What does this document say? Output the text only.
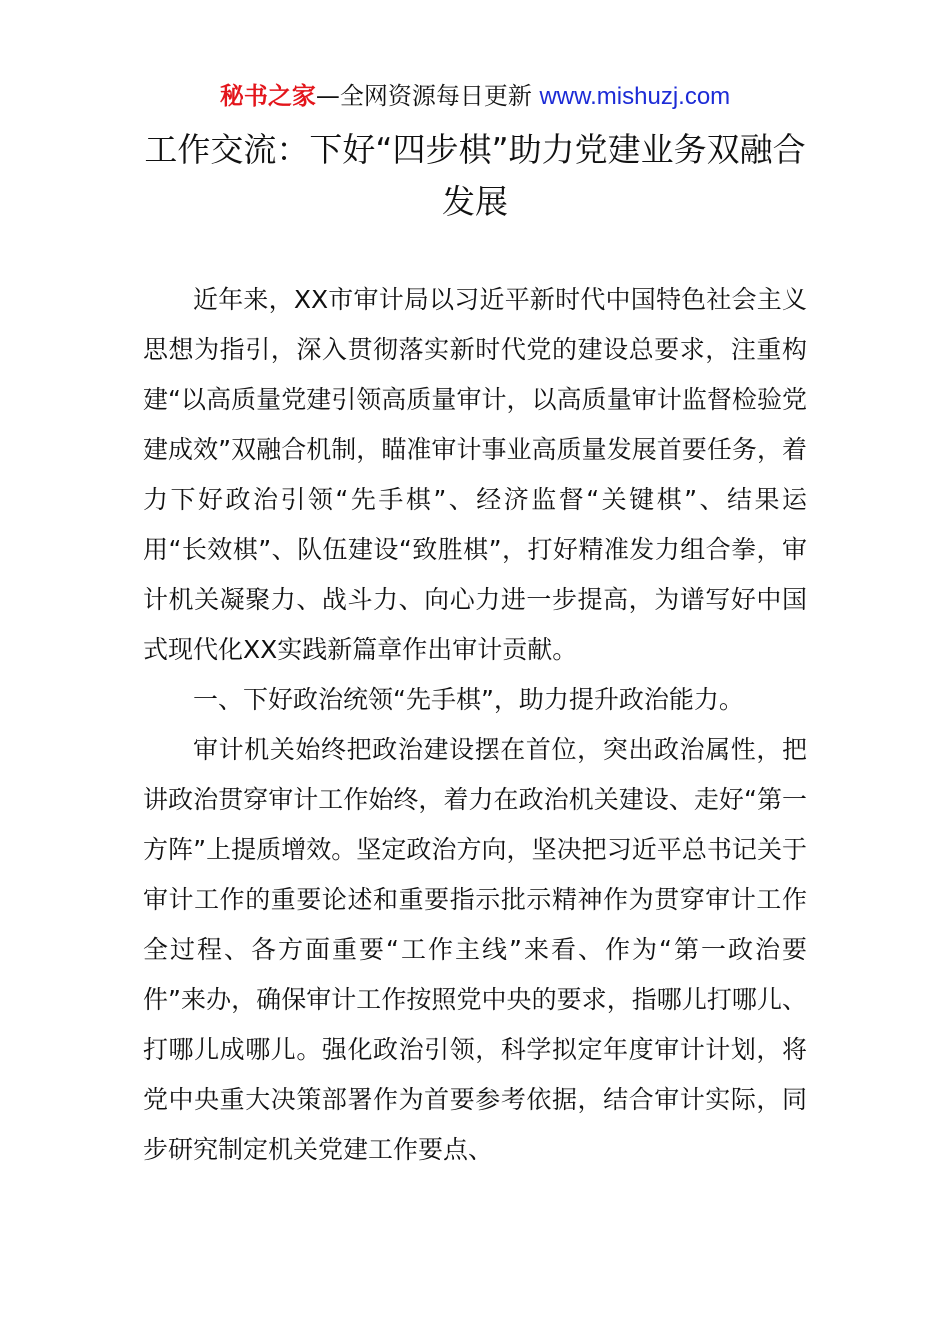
秘书之家—全网资源每日更新 www.mishuzj.com
工作交流：下好“四步棋”助力党建业务双融合发展

近年来，XX市审计局以习近平新时代中国特色社会主义思想为指引，深入贯彻落实新时代党的建设总要求，注重构建“以高质量党建引领高质量审计，以高质量审计监督检验党建成效”双融合机制，瞄准审计事业高质量发展首要任务，着力下好政治引领“先手棋”、经济监督“关键棋”、结果运用“长效棋”、队伍建设“致胜棋”，打好精准发力组合拳，审计机关凝聚力、战斗力、向心力进一步提高，为谱写好中国式现代化XX实践新篇章作出审计贡献。

一、下好政治统领“先手棋”，助力提升政治能力。

审计机关始终把政治建设摆在首位，突出政治属性，把讲政治贯穿审计工作始终，着力在政治机关建设、走好“第一方阵”上提质增效。坚定政治方向，坚决把习近平总书记关于审计工作的重要论述和重要指示批示精神作为贯穿审计工作全过程、各方面重要“工作主线”来看、作为“第一政治要件”来办，确保审计工作按照党中央的要求，指哪儿打哪儿、打哪儿成哪儿。强化政治引领，科学拟定年度审计计划，将党中央重大决策部署作为首要参考依据，结合审计实际，同步研究制定机关党建工作要点、
